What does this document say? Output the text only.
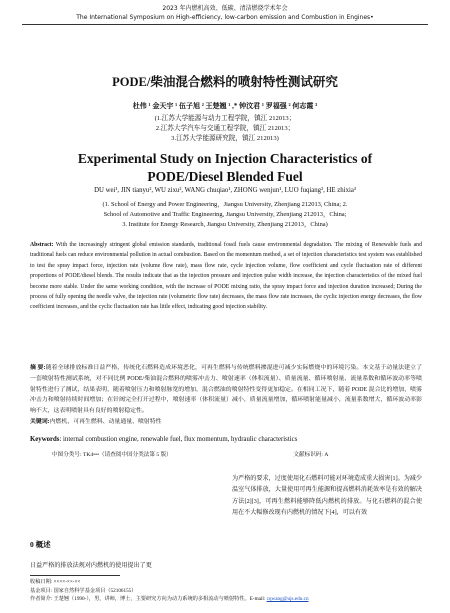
2023 年内燃机高效、低碳、清洁燃烧学术年会
The International Symposium on High-efficiency, low-carbon emission and Combustion in Engines•
PODE/柴油混合燃料的喷射特性测试研究
杜伟 ¹ 金天宇 ¹ 伍子旭 ² 王楚翘 ¹ ,* 钟汶君 ¹ 罗福强 ² 何志霞 ³
(1.江苏大学能源与动力工程学院，镇江 212013；
2.江苏大学汽车与交通工程学院，镇江 212013；
3.江苏大学能源研究院，镇江 212013)
Experimental Study on Injection Characteristics of
PODE/Diesel Blended Fuel
DU wei¹, JIN tianyu², WU zixu², WANG chuqiao¹, ZHONG wenjun¹, LUO fuqiang², HE zhixia³
(1. School of Energy and Power Engineering，Jiangsu University, Zhenjiang 212013, China; 2.
School of Automotive and Traffic Engineering, Jiangsu University, Zhenjiang 212013，China;
3. Institute for Energy Research, Jiangsu University, Zhenjiang 212013，China)
Abstract: With the increasingly stringent global emission standards, traditional fossil fuels cause environmental degradation. The mixing of Renewable fuels and traditional fuels can reduce environmental pollution in actual combustion. Based on the momentum method, a set of injection characteristics test system was established to test the spray impact force, injection rate (volume flow rate), mass flow rate, cycle injection volume, flow coefficient and cycle fluctuation rate of different proportions of PODE/diesel blends. The results indicate that as the injection pressure and injection pulse width increase, the injection characteristics of the mixed fuel become more stable. Under the same working condition, with the increase of PODE mixing ratio, the spray impact force and injection duration increased; During the process of fully opening the needle valve, the injection rate (volumetric flow rate) decreases, the mass flow rate increases, the cyclic injection energy decreases, the flow coefficient increases, and the cyclic fluctuation rate has little effect, indicating good injection stability.
摘 要:随着全球排放标准日益严格，传统化石燃料造成环境恶化，可再生燃料与传统燃料掺混进可减少实际燃烧中的环境污染。本文基于动量法建立了一套喷射特性测试系统，对不同比例 PODE/柴油混合燃料的喷雾冲击力、喷射速率（体积流量）、质量流量、循环喷射量、流量系数和循环波动率等喷射特性进行了测试，结果表明，随着喷射压力和喷射脉宽的增加，混合燃油的喷射特性变得更加稳定。在相同工况下，随着 PODE 混合比的增加，喷雾冲击力和喷射持续时间增加；在针阀完全打开过程中，喷射速率（体积流量）减小，质量流量增加，循环喷射能量减小，流量系数增大，循环波动率影响不大，这表明喷射具有良好的喷射稳定性。
关键词:内燃机、可再生燃料、动量通量、喷射特性
Keywords: internal combustion engine, renewable fuel, flux momentum, hydraulic characteristics
中图分类号: TK4•••（请查阅中国分类法第 5 版）	文献标识码: A
为严格的要求，过度使用化石燃料可能对环境造成重大损害[1]。为减少温室气体排放，大量使用可再生能源和提高燃料消耗效率是有效的解决方法[2][3]，可再生燃料能够降低内燃机的排放。与化石燃料的混合使用在不大幅修改现有内燃机的情况下[4]，可以有效
0 概述
日益严格的排放法规对内燃机的使用提出了更
收稿日期: ××××-××-××
基金项目: 国家自然科学基金项目（52106155）
作者简介: 王楚翘（1990-），男，讲师，博士，主要研究方向为动力系统的多相流动与喷射特性。E-mail: cqwang@ujs.edu.cn
